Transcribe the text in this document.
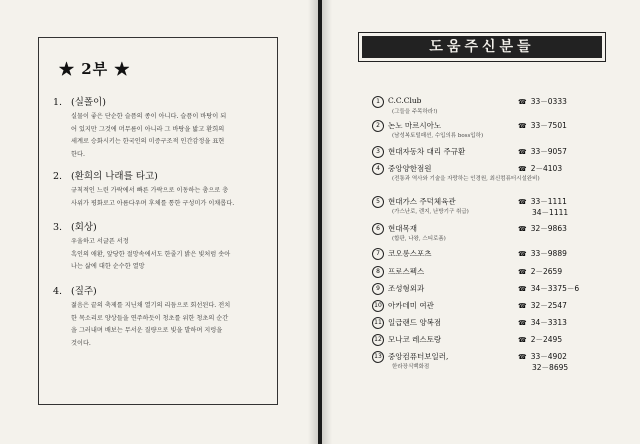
★ 2부 ★
1. (실폴이)
실물이 좋은 단순한 슬픔의 종이 아니다. 슬픔이 바탕이 되
어 있지만 그것에 머무름이 아니라 그 바탕을 밟고 환희의
세계로 승화시키는 한국인의 미증구조적 인간감정을 표현
한다.
2. (환희의 나래를 타고)
규칙적인 느린 가락에서 빠른 가락으로 이동하는 춤으로 충
사위가 평화로고 아름다우며 후체를 통한 구성미가 이채롭다.
3. (회상)
우울하고 서글픈 서정
흑인의 애환, 앞당한 절망속에서도 한줄기 밝은 빛처럼 솟아
나는 삶에 대한 순수한 열망
4. (질주)
젊음은 끝의 축제를 지닌채 열기의 리듬으로 회선된다. 전치
한 목소리로 양상들을 연주하듯이 청초를 위한 청초의 순간
을 그러내며 배보는 무서운 질량으로 빛을 발하며 지렁을
것이다.
도움주신분들
1	C.C.Club
(그들을 주목하라!)
☎ 33－0333
2	논노 마르시아노
(남성복토털패션, 수입의류 boss입하)
☎ 33－7501
3	현대자동차 대리 주규환	☎ 33－9057
4	중앙양한점원
(전통과 역사와 기술을 자랑하는 인경원, 최신컴퓨터시설완비)
☎ 2－4103
5	현대가스 주덕체육관
(가스난로, 렌지, 난방기구 취급)
☎ 33－1111
34－1111
6	현대목재
(합판, 나왕, 스티로폼)
☎ 32－9863
7	코오롱스포츠	☎ 33－9889
8	프로스펙스	☎ 2－2659
9	조성형외과	☎ 34－3375－6
10 아카데미 여관	☎ 32－2547
11 일급랜드 양복점	☎ 34－3313
12 모나코 레스토랑	☎ 2－2495
13 중앙컴퓨터보일러,
한라장식백화점
☎ 33－4902
32－8695
